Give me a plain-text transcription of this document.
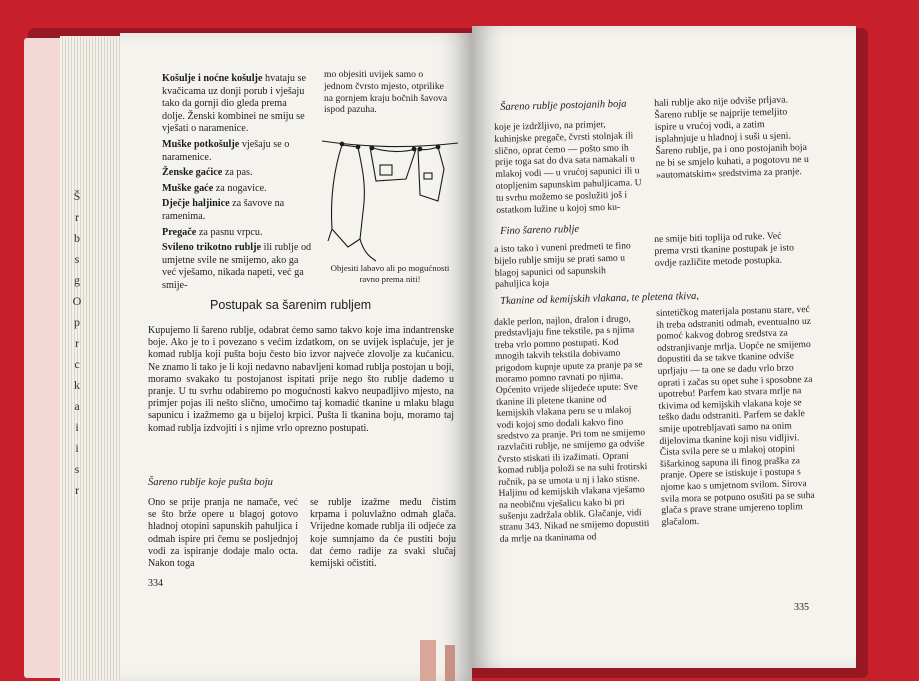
Š
r
b
s
g
O
p
r
c
k
a
i
i
s
r

Košulje i noćne košulje hvataju se kvačicama uz donji porub i vješaju tako da gornji dio gleda prema dolje. Ženski kombinei ne smiju se vješati o naramenice.

Muške potkošulje vješaju se o naramenice.

Ženske gaćice za pas.

Muške gaće za nogavice.

Dječje haljinice za šavove na ramenima.

Pregače za pasnu vrpcu.

Svileno trikotno rublje ili rublje od umjetne svile ne smijemo, ako ga već vješamo, nikada napeti, već ga smije-

mo objesiti uvijek samo o jednom čvrsto mjesto, otprilike na gornjem kraju bočnih šavova ispod pazuha.

Objesiti labavo ali po mogućnosti ravno prema niti!
Postupak sa šarenim rubljem

Kupujemo li šareno rublje, odabrat ćemo samo takvo koje ima indantrenske boje. Ako je to i povezano s većim izdatkom, on se uvijek isplaćuje, jer je komad rublja koji pušta boju često bio izvor najveće zlovolje za kućanicu. Ne znamo li tako je li koji nedavno nabavljeni komad rublja postojan u boji, moramo svakako tu postojanost ispitati prije nego što rublje dademo u pranje. U tu svrhu odabiremo po mogućnosti kakvo neupadljivo mjesto, na primjer pojas ili nešto slično, umočimo taj komadić tkanine u mlaku blagu sapunicu i izažmemo ga u bijeloj krpici. Pušta li tkanina boju, moramo taj komad rublja izdvojiti i s njime vrlo oprezno postupati.

Šareno rublje koje pušta boju

Ono se prije pranja ne namače, već se što brže opere u blagoj gotovo hladnoj otopini sapunskih pahuljica i odmah ispire pri čemu se posljednjoj vodi za ispiranje dodaje malo octa. Nakon toga

se rublje izažme među čistim krpama i poluvlažno odmah glača. Vrijedne komade rublja ili odjeće za koje sumnjamo da će pustiti boju dat ćemo radije za svaki slučaj kemijski očistiti.

334
Šareno rublje postojanih boja

koje je izdržljivo, na primjer, kuhinjske pregače, čvrsti stolnjak ili slično, oprat ćemo — pošto smo ih prije toga sat do dva sata namakali u mlakoj vodi — u vrućoj sapunici ili u otopljenim sapunskim pahuljicama. U tu svrhu možemo se poslužiti još i ostatkom lužine u kojoj smo ku-

hali rublje ako nije odviše prljava. Šareno rublje se najprije temeljito ispire u vrućoj vodi, a zatim isplahnjuje u hladnoj i suši u sjeni. Šareno rublje, pa i ono postojanih boja ne bi se smjelo kuhati, a pogotovu ne u »automatskim« sredstvima za pranje.

Fino šareno rublje

a isto tako i vuneni predmeti te fino bijelo rublje smiju se prati samo u blagoj sapunici od sapunskih pahuljica koja

ne smije biti toplija od ruke. Već prema vrsti tkanine postupak je isto ovdje različite metode postupka.

Tkanine od kemijskih vlakana, te pletena tkiva,

dakle perlon, najlon, dralon i drugo, predstavljaju fine tekstile, pa s njima treba vrlo pomno postupati. Kod mnogih takvih tekstila dobivamo prigodom kupnje upute za pranje pa se moramo pomno ravnati po njima. Općenito vrijede slijedeće upute: Sve tkanine ili pletene tkanine od kemijskih vlakana peru se u mlakoj vodi kojoj smo dodali kakvo fino sredstvo za pranje. Pri tom ne smijemo razvlačiti rublje, ne smijemo ga odviše čvrsto stiskati ili izažimati. Oprani komad rublja položi se na suhi frotirski ručnik, pa se umota u nj i lako stisne. Haljinu od kemijskih vlakana vješamo na neobičnu vješalicu kako bi pri sušenju zadržala oblik. Glačanje, vidi stranu 343. Nikad ne smijemo dopustiti da mrlje na tkaninama od

sintetičkog materijala postanu stare, već ih treba odstraniti odmah, eventualno uz pomoć kakvog dobrog sredstva za odstranjivanje mrlja. Uopće ne smijemo dopustiti da se takve tkanine odviše uprljaju — ta one se dadu vrlo brzo oprati i začas su opet suhe i sposobne za upotrebu! Parfem kao stvara mrlje na tkivima od kemijskih vlakana koje se teško dadu odstraniti. Parfem se dakle smije upotrebljavati samo na onim dijelovima tkanine koji nisu vidljivi. Čista svila pere se u mlakoj otopini šišarkinog sapuna ili finog praška za pranje. Opere se istiskuje i postupa s njome kao s umjetnom svilom. Sirova svila mora se potpuno osušiti pa se suha glača s prave strane umjereno toplim glačalom.

335
